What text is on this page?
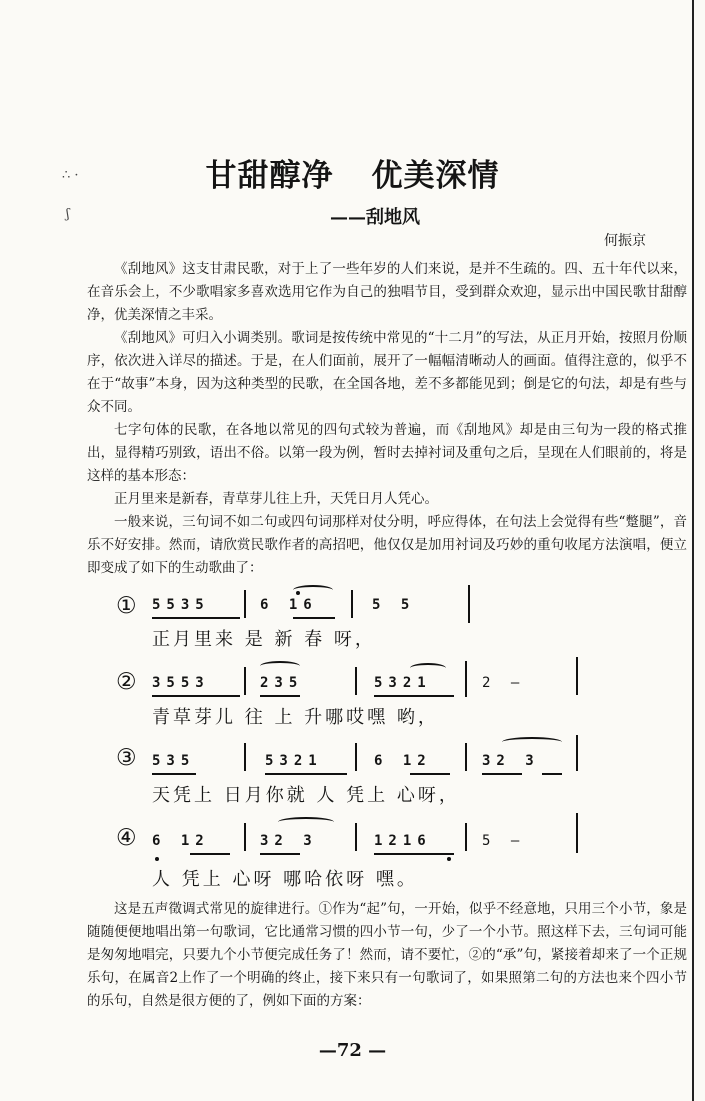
∴ ·
ʃ
甘甜醇净 优美深情
——刮地风
何振京

《刮地风》这支甘肃民歌，对于上了一些年岁的人们来说，是并不生疏的。四、五十年代以来，在音乐会上，不少歌唱家多喜欢选用它作为自己的独唱节目，受到群众欢迎，显示出中国民歌甘甜醇净，优美深情之丰采。

《刮地风》可归入小调类别。歌词是按传统中常见的“十二月”的写法，从正月开始，按照月份顺序，依次进入详尽的描述。于是，在人们面前，展开了一幅幅清晰动人的画面。值得注意的，似乎不在于“故事”本身，因为这种类型的民歌，在全国各地，差不多都能见到；倒是它的句法，却是有些与众不同。

七字句体的民歌，在各地以常见的四句式较为普遍，而《刮地风》却是由三句为一段的格式推出，显得精巧别致，语出不俗。以第一段为例，暂时去掉衬词及重句之后，呈现在人们眼前的，将是这样的基本形态：

正月里来是新春，青草芽儿往上升，天凭日月人凭心。

一般来说，三句词不如二句或四句词那样对仗分明，呼应得体，在句法上会觉得有些“蹩腿”，音乐不好安排。然而，请欣赏民歌作者的高招吧，他仅仅是加用衬词及巧妙的重句收尾方法演唱，便立即变成了如下的生动歌曲了：

① 5535	6 16	5 5
正月里来 是 新 春 呀，
② 3553	235	5321	2 –
青草芽儿 往 上 升哪哎嘿 哟，
③ 535	5321	6 12	32 3
天凭上 日月你就 人 凭上 心呀，
④ 6 12	32 3	1216	5 –
人 凭上 心呀 哪哈依呀 嘿。

这是五声徵调式常见的旋律进行。①作为“起”句，一开始，似乎不经意地，只用三个小节，象是随随便便地唱出第一句歌词，它比通常习惯的四小节一句，少了一个小节。照这样下去，三句词可能是匆匆地唱完，只要九个小节便完成任务了！然而，请不要忙，②的“承”句，紧接着却来了一个正规乐句，在属音2上作了一个明确的终止，接下来只有一句歌词了，如果照第二句的方法也来个四小节的乐句，自然是很方便的了，例如下面的方案：

—72 —
